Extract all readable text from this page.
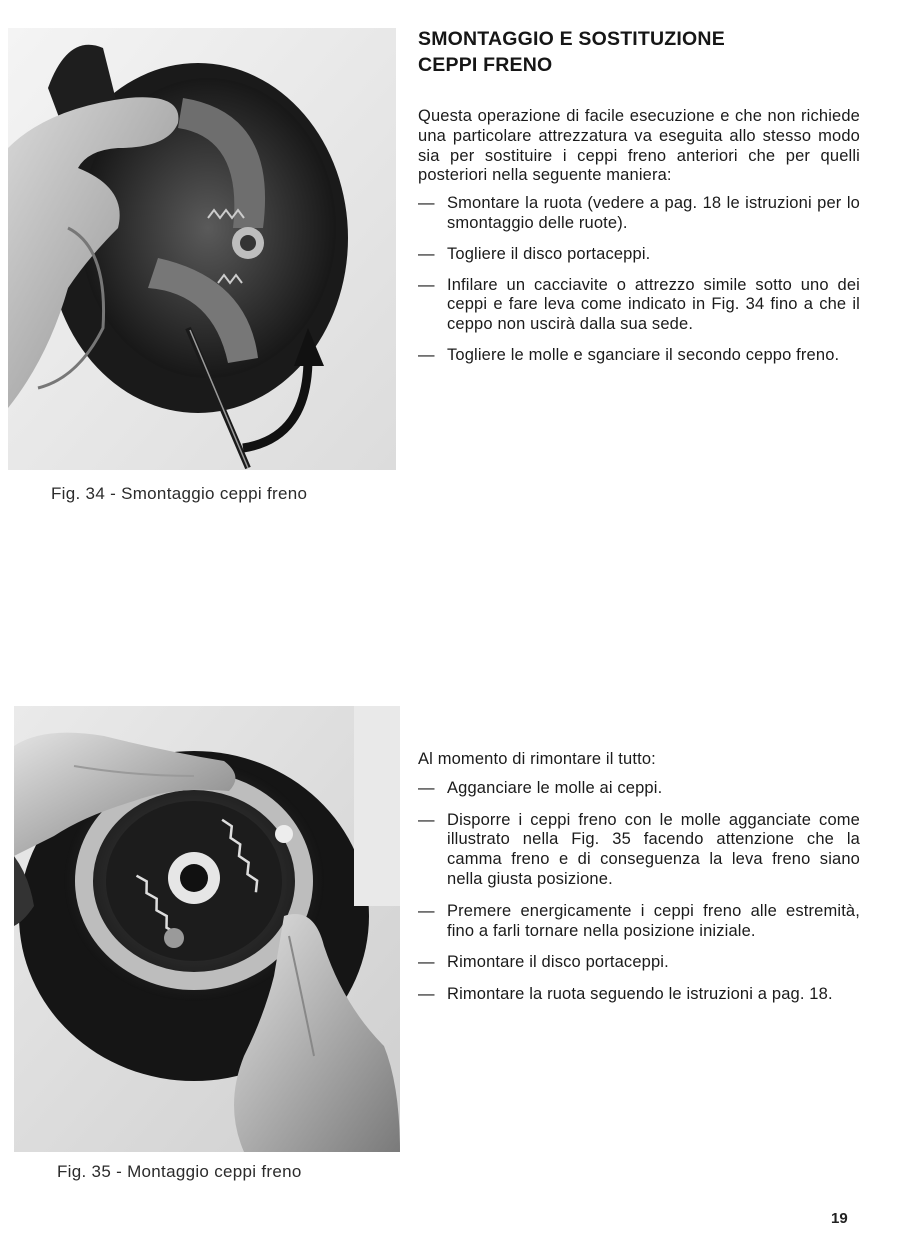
Fig. 34 - Smontaggio ceppi freno
SMONTAGGIO E SOSTITUZIONE
CEPPI FRENO

Questa operazione di facile esecuzione e che non richiede una particolare attrezzatura va eseguita allo stesso modo sia per sostituire i ceppi freno anteriori che per quelli posteriori nella seguente maniera:

— Smontare la ruota (vedere a pag. 18 le istruzioni per lo smontaggio delle ruote).
— Togliere il disco portaceppi.
— Infilare un cacciavite o attrezzo simile sotto uno dei ceppi e fare leva come indicato in Fig. 34 fino a che il ceppo non uscirà dalla sua sede.
— Togliere le molle e sganciare il secondo ceppo freno.
Fig. 35 - Montaggio ceppi freno

Al momento di rimontare il tutto:

— Agganciare le molle ai ceppi.
— Disporre i ceppi freno con le molle agganciate come illustrato nella Fig. 35 facendo attenzione che la camma freno e di conseguenza la leva freno siano nella giusta posizione.
— Premere energicamente i ceppi freno alle estremità, fino a farli tornare nella posizione iniziale.
— Rimontare il disco portaceppi.
— Rimontare la ruota seguendo le istruzioni a pag. 18.
19
